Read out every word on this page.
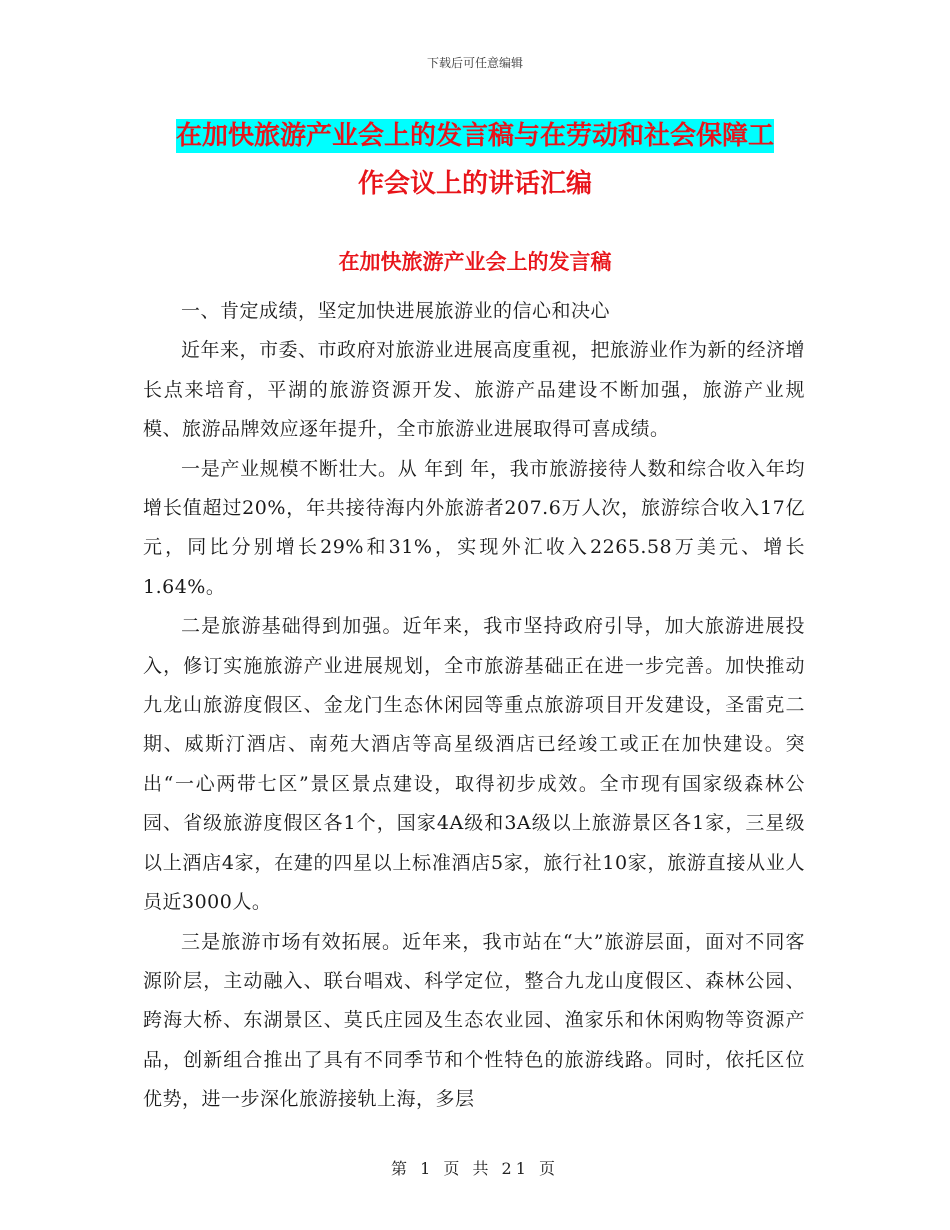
下载后可任意编辑
在加快旅游产业会上的发言稿与在劳动和社会保障工
作会议上的讲话汇编
在加快旅游产业会上的发言稿

一、肯定成绩，坚定加快进展旅游业的信心和决心

近年来，市委、市政府对旅游业进展高度重视，把旅游业作为新的经济增长点来培育，平湖的旅游资源开发、旅游产品建设不断加强，旅游产业规模、旅游品牌效应逐年提升，全市旅游业进展取得可喜成绩。

一是产业规模不断壮大。从 年到 年，我市旅游接待人数和综合收入年均增长值超过20%，年共接待海内外旅游者207.6万人次，旅游综合收入17亿元，同比分别增长29%和31%，实现外汇收入2265.58万美元、增长1.64%。

二是旅游基础得到加强。近年来，我市坚持政府引导，加大旅游进展投入，修订实施旅游产业进展规划，全市旅游基础正在进一步完善。加快推动九龙山旅游度假区、金龙门生态休闲园等重点旅游项目开发建设，圣雷克二期、威斯汀酒店、南苑大酒店等高星级酒店已经竣工或正在加快建设。突出“一心两带七区”景区景点建设，取得初步成效。全市现有国家级森林公园、省级旅游度假区各1个，国家4A级和3A级以上旅游景区各1家，三星级以上酒店4家，在建的四星以上标准酒店5家，旅行社10家，旅游直接从业人员近3000人。

三是旅游市场有效拓展。近年来，我市站在“大”旅游层面，面对不同客源阶层，主动融入、联台唱戏、科学定位，整合九龙山度假区、森林公园、跨海大桥、东湖景区、莫氏庄园及生态农业园、渔家乐和休闲购物等资源产品，创新组合推出了具有不同季节和个性特色的旅游线路。同时，依托区位优势，进一步深化旅游接轨上海，多层

第 1 页 共 21 页
